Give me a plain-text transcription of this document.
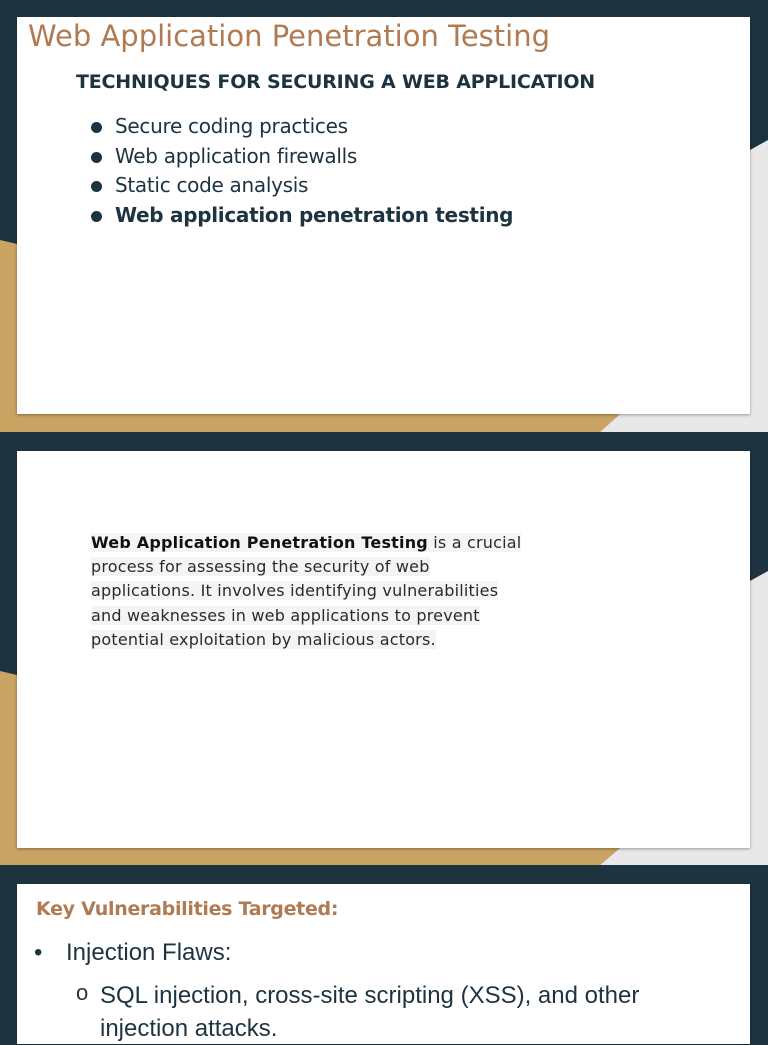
Web Application Penetration Testing
TECHNIQUES FOR SECURING A WEB APPLICATION
Secure coding practices
Web application firewalls
Static code analysis
Web application penetration testing

Web Application Penetration Testing is a crucial
process for assessing the security of web
applications. It involves identifying vulnerabilities
and weaknesses in web applications to prevent
potential exploitation by malicious actors.

Key Vulnerabilities Targeted:
• Injection Flaws:
o SQL injection, cross-site scripting (XSS), and other injection attacks.
